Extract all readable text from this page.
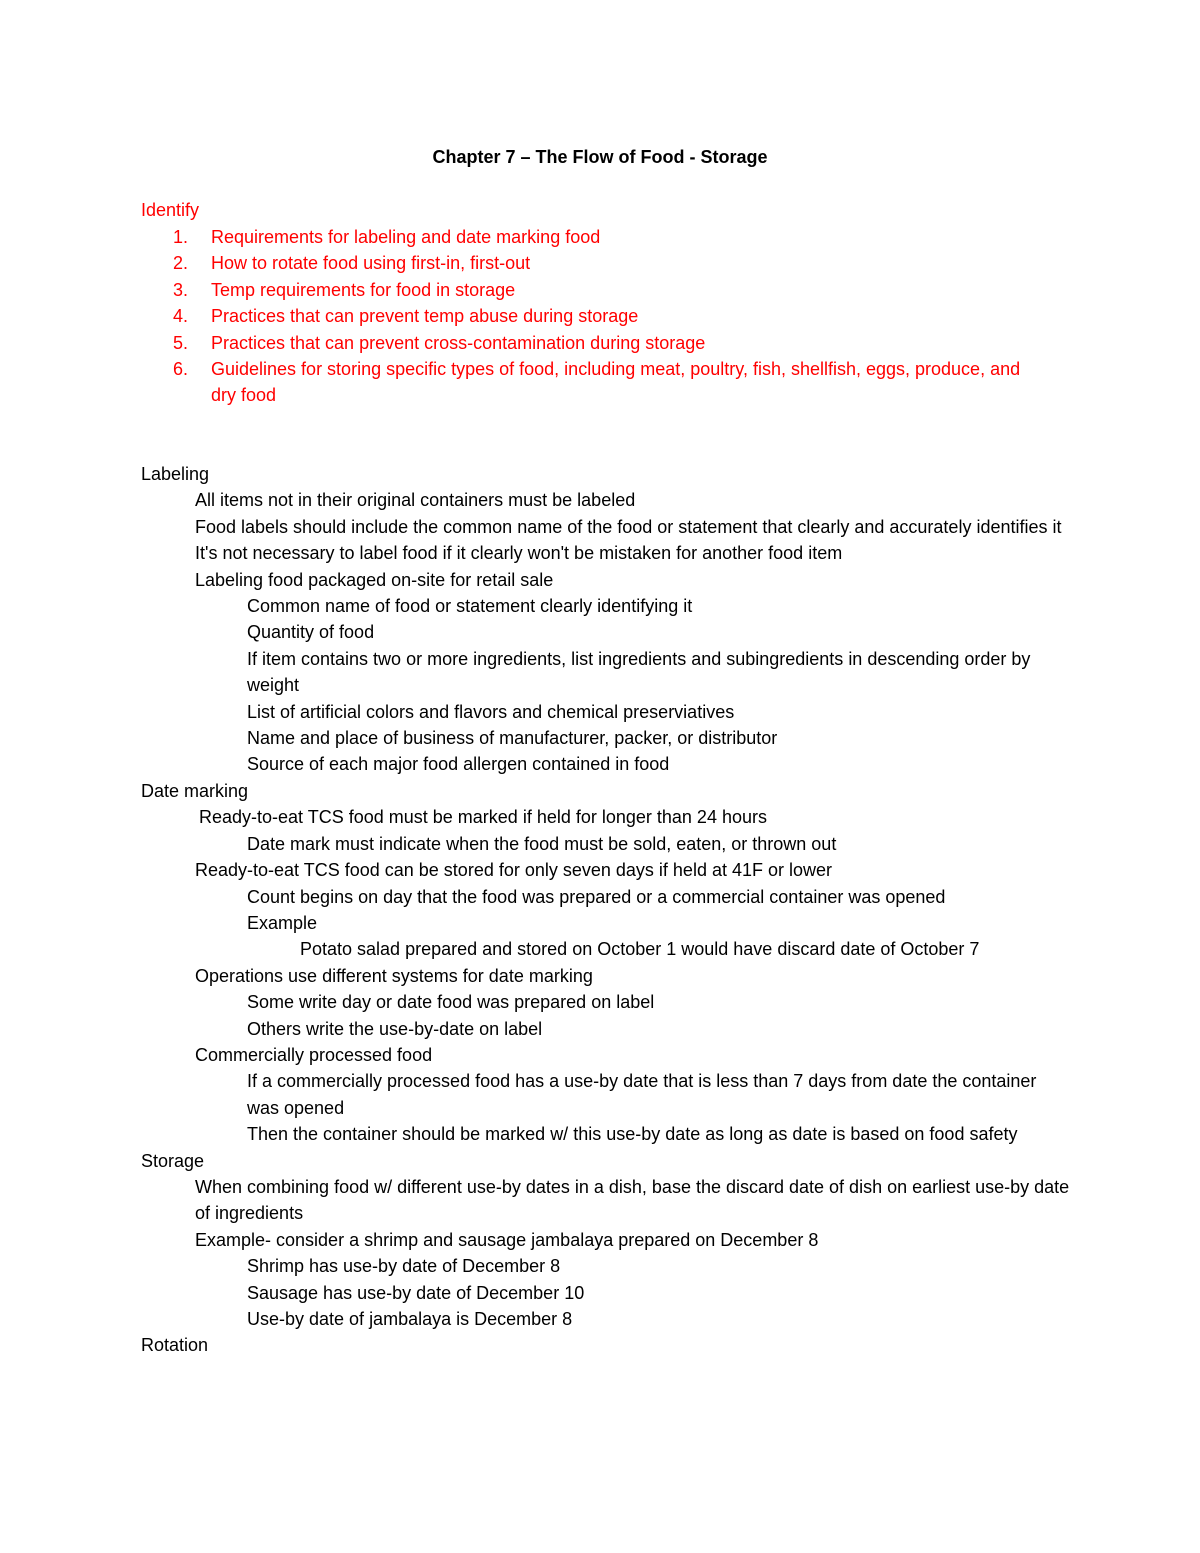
Chapter 7 – The Flow of Food - Storage
Identify
1. Requirements for labeling and date marking food
2. How to rotate food using first-in, first-out
3. Temp requirements for food in storage
4. Practices that can prevent temp abuse during storage
5. Practices that can prevent cross-contamination during storage
6. Guidelines for storing specific types of food, including meat, poultry, fish, shellfish, eggs, produce, and dry food
Labeling
All items not in their original containers must be labeled
Food labels should include the common name of the food or statement that clearly and accurately identifies it
It's not necessary to label food if it clearly won't be mistaken for another food item
Labeling food packaged on-site for retail sale
Common name of food or statement clearly identifying it
Quantity of food
If item contains two or more ingredients, list ingredients and subingredients in descending order by weight
List of artificial colors and flavors and chemical preserviatives
Name and place of business of manufacturer, packer, or distributor
Source of each major food allergen contained in food
Date marking
Ready-to-eat TCS food must be marked if held for longer than 24 hours
Date mark must indicate when the food must be sold, eaten, or thrown out
Ready-to-eat TCS food can be stored for only seven days if held at 41F or lower
Count begins on day that the food was prepared or a commercial container was opened
Example
Potato salad prepared and stored on October 1 would have discard date of October 7
Operations use different systems for date marking
Some write day or date food was prepared on label
Others write the use-by-date on label
Commercially processed food
If a commercially processed food has a use-by date that is less than 7 days from date the container was opened
Then the container should be marked w/ this use-by date as long as date is based on food safety
Storage
When combining food w/ different use-by dates in a dish, base the discard date of dish on earliest use-by date of ingredients
Example- consider a shrimp and sausage jambalaya prepared on December 8
Shrimp has use-by date of December 8
Sausage has use-by date of December 10
Use-by date of jambalaya is December 8
Rotation
